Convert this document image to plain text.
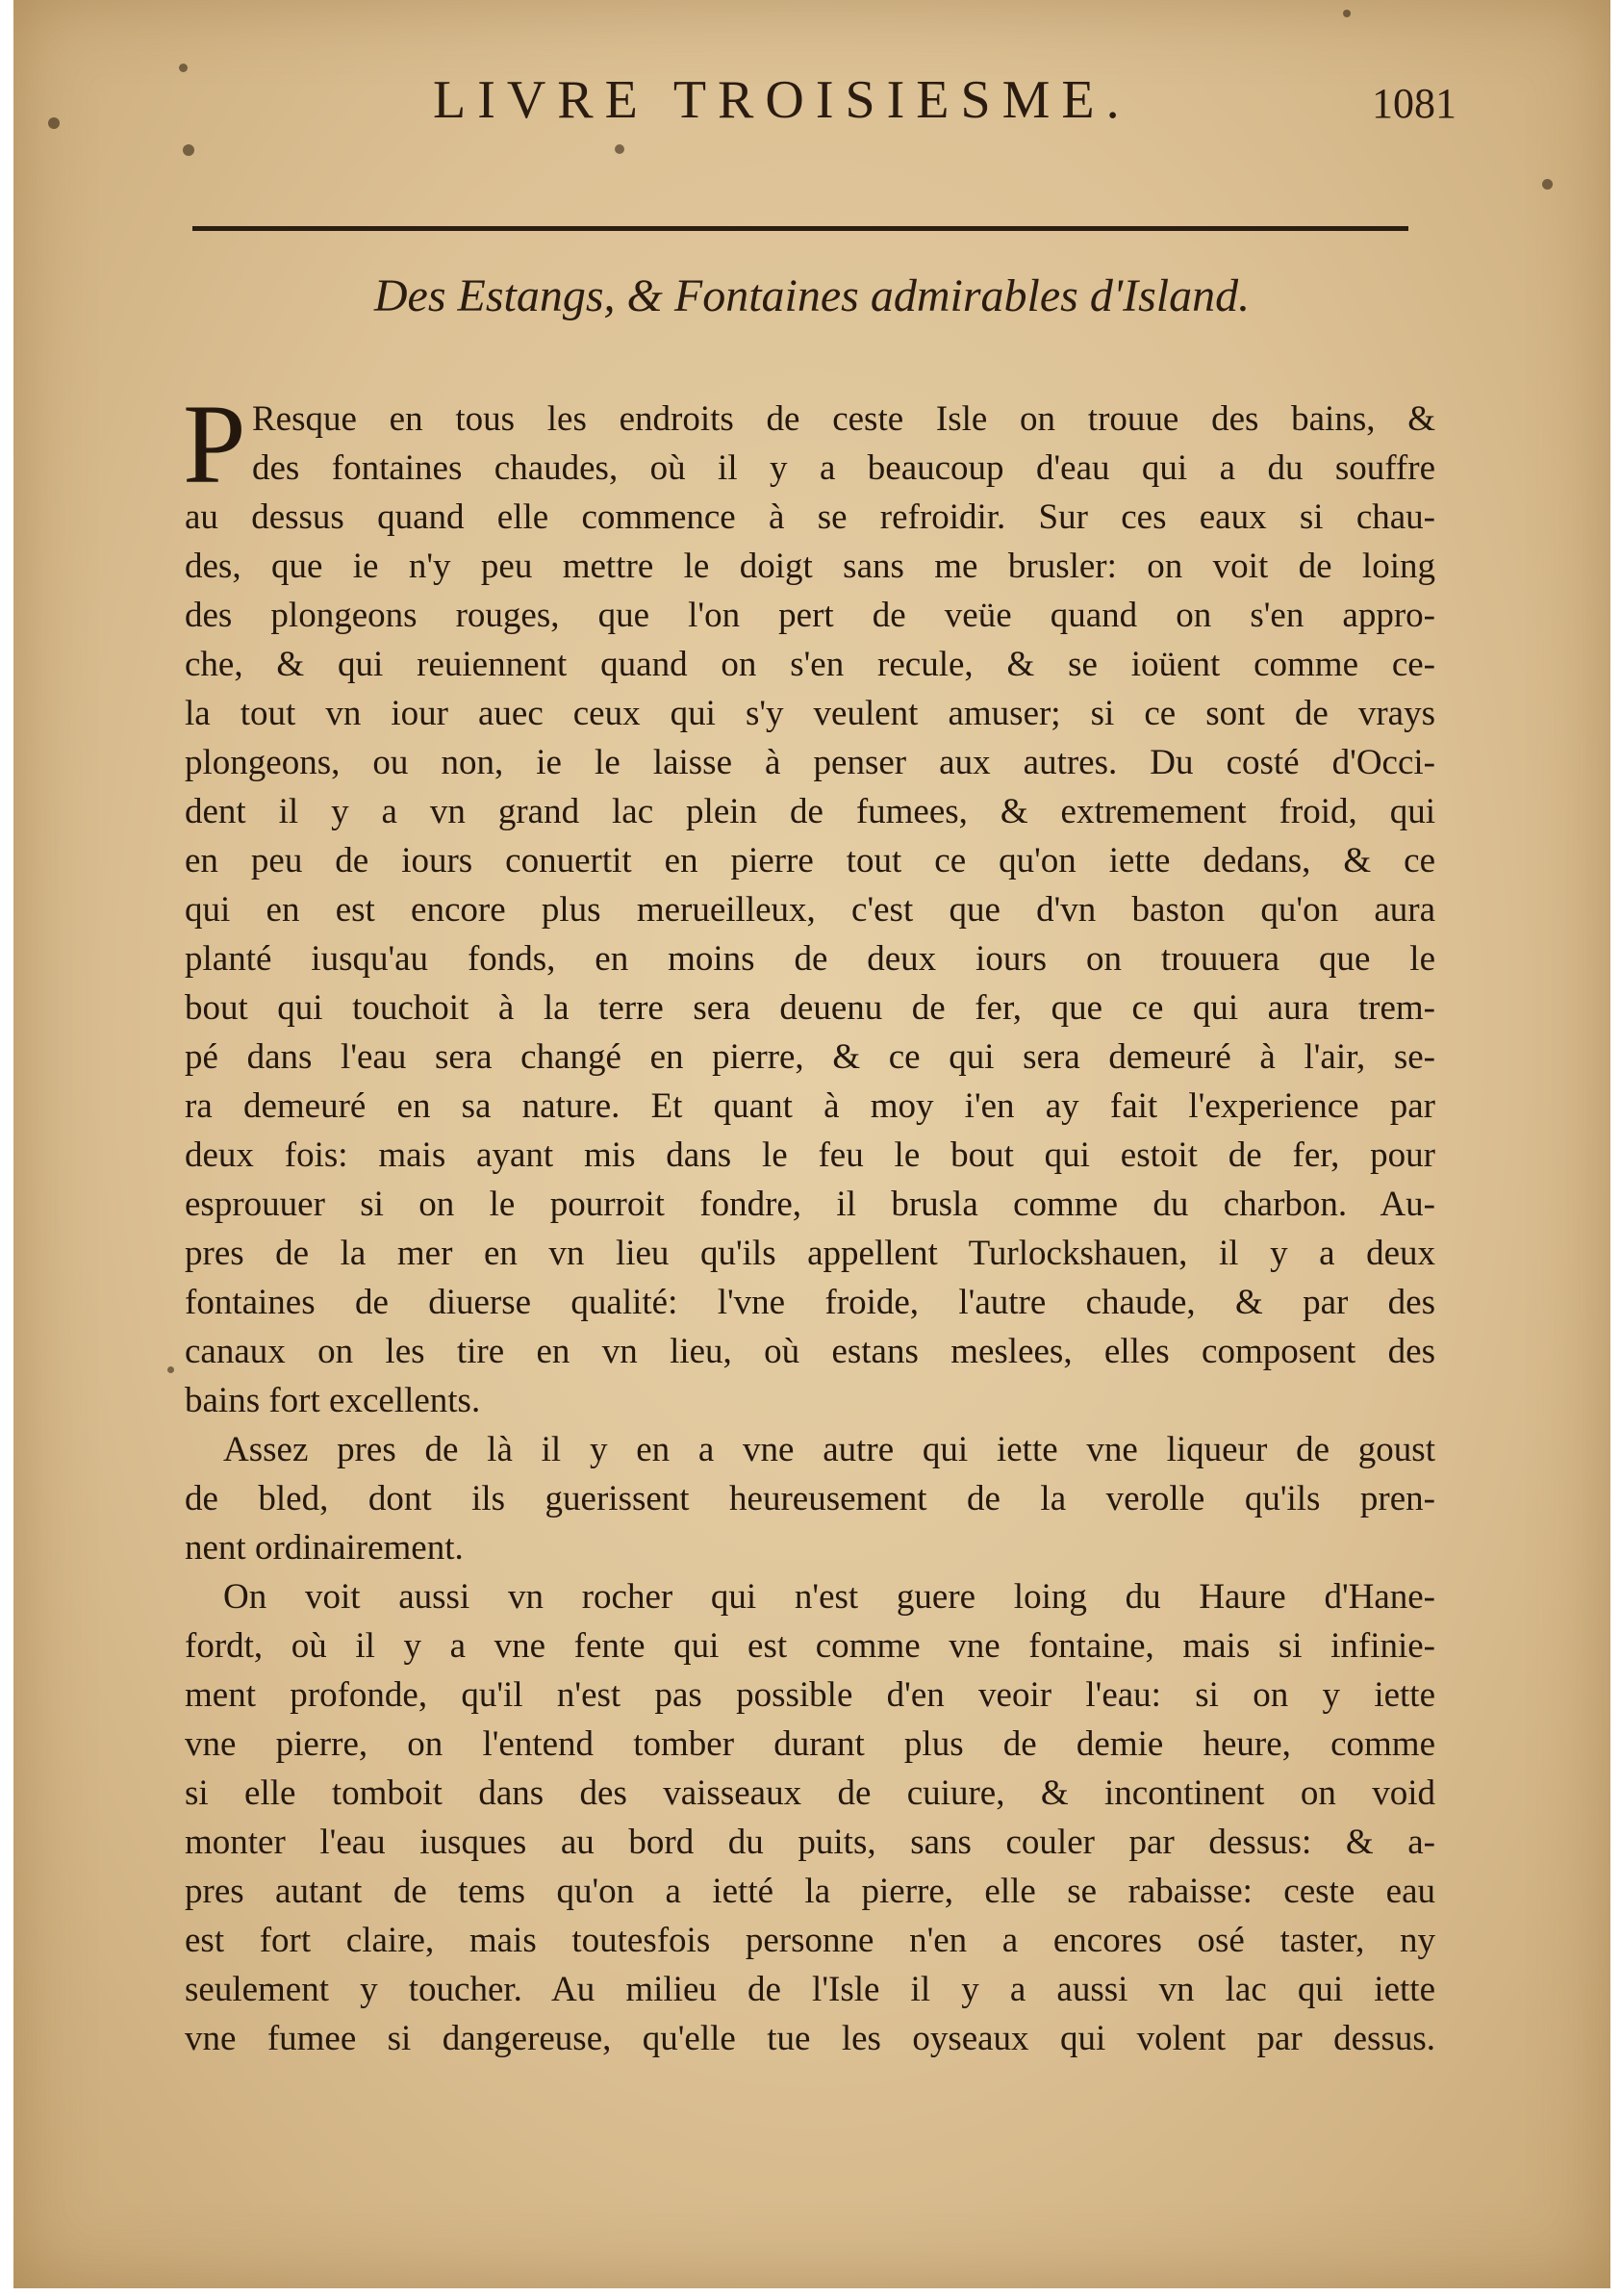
LIVRE TROISIESME.	1081
Des Estangs, & Fontaines admirables d'Island.
P Resque en tous les endroits de ceste Isle on trouue des bains, &
des fontaines chaudes, où il y a beaucoup d'eau qui a du souffre
au dessus quand elle commence à se refroidir. Sur ces eaux si chau-
des, que ie n'y peu mettre le doigt sans me brusler: on voit de loing
des plongeons rouges, que l'on pert de veüe quand on s'en appro-
che, & qui reuiennent quand on s'en recule, & se ioüent comme ce-
la tout vn iour auec ceux qui s'y veulent amuser; si ce sont de vrays
plongeons, ou non, ie le laisse à penser aux autres. Du costé d'Occi-
dent il y a vn grand lac plein de fumees, & extremement froid, qui
en peu de iours conuertit en pierre tout ce qu'on iette dedans, & ce
qui en est encore plus merueilleux, c'est que d'vn baston qu'on aura
planté iusqu'au fonds, en moins de deux iours on trouuera que le
bout qui touchoit à la terre sera deuenu de fer, que ce qui aura trem-
pé dans l'eau sera changé en pierre, & ce qui sera demeuré à l'air, se-
ra demeuré en sa nature. Et quant à moy i'en ay fait l'experience par
deux fois: mais ayant mis dans le feu le bout qui estoit de fer, pour
esprouuer si on le pourroit fondre, il brusla comme du charbon. Au-
pres de la mer en vn lieu qu'ils appellent Turlockshauen, il y a deux
fontaines de diuerse qualité: l'vne froide, l'autre chaude, & par des
canaux on les tire en vn lieu, où estans meslees, elles composent des
bains fort excellents.
Assez pres de là il y en a vne autre qui iette vne liqueur de goust
de bled, dont ils guerissent heureusement de la verolle qu'ils pren-
nent ordinairement.
On voit aussi vn rocher qui n'est guere loing du Haure d'Hane-
fordt, où il y a vne fente qui est comme vne fontaine, mais si infinie-
ment profonde, qu'il n'est pas possible d'en veoir l'eau: si on y iette
vne pierre, on l'entend tomber durant plus de demie heure, comme
si elle tomboit dans des vaisseaux de cuiure, & incontinent on void
monter l'eau iusques au bord du puits, sans couler par dessus: & a-
pres autant de tems qu'on a ietté la pierre, elle se rabaisse: ceste eau
est fort claire, mais toutesfois personne n'en a encores osé taster, ny
seulement y toucher. Au milieu de l'Isle il y a aussi vn lac qui iette
vne fumee si dangereuse, qu'elle tue les oyseaux qui volent par dessus.
